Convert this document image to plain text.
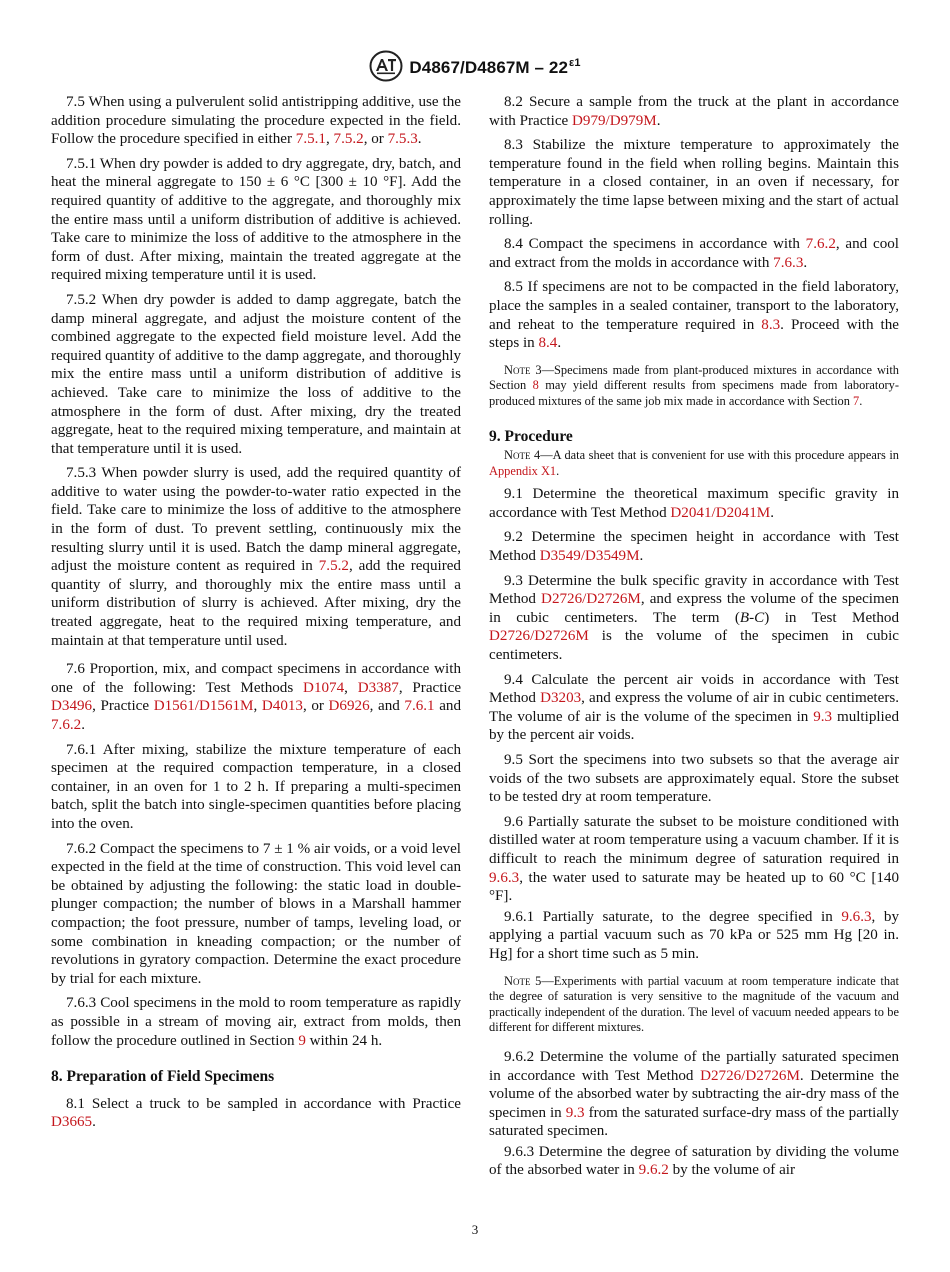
$D4867/D4867M - 22^{\varepsilon 1}$

7.5 When using a pulverulent solid antistripping additive, use the addition procedure simulating the procedure expected in the field. Follow the procedure specified in either 7.5.1, 7.5.2, or 7.5.3.

7.5.1 When dry powder is added to dry aggregate, dry, batch, and heat the mineral aggregate to 150 ± 6 °C [300 ± 10 °F]. Add the required quantity of additive to the aggregate, and thoroughly mix the entire mass until a uniform distribution of additive is achieved. Take care to minimize the loss of additive to the atmosphere in the form of dust. After mixing, maintain the treated aggregate at the required mixing temperature until it is used.

7.5.2 When dry powder is added to damp aggregate, batch the damp mineral aggregate, and adjust the moisture content of the combined aggregate to the expected field moisture level. Add the required quantity of additive to the damp aggregate, and thoroughly mix the entire mass until a uniform distribution of additive is achieved. Take care to minimize the loss of additive to the atmosphere in the form of dust. After mixing, dry the treated aggregate, heat to the required mixing temperature, and maintain at that temperature until it is used.

7.5.3 When powder slurry is used, add the required quantity of additive to water using the powder-to-water ratio expected in the field. Take care to minimize the loss of additive to the atmosphere in the form of dust. To prevent settling, continuously mix the resulting slurry until it is used. Batch the damp mineral aggregate, adjust the moisture content as required in 7.5.2, add the required quantity of slurry, and thoroughly mix the entire mass until a uniform distribution of slurry is achieved. After mixing, dry the treated aggregate, heat to the required mixing temperature, and maintain at that temperature until used.

7.6 Proportion, mix, and compact specimens in accordance with one of the following: Test Methods D1074, D3387, Practice D3496, Practice D1561/D1561M, D4013, or D6926, and 7.6.1 and 7.6.2.

7.6.1 After mixing, stabilize the mixture temperature of each specimen at the required compaction temperature, in a closed container, in an oven for 1 to 2 h. If preparing a multi-specimen batch, split the batch into single-specimen quantities before placing into the oven.

7.6.2 Compact the specimens to 7 ± 1 % air voids, or a void level expected in the field at the time of construction. This void level can be obtained by adjusting the following: the static load in double-plunger compaction; the number of blows in a Marshall hammer compaction; the foot pressure, number of tamps, leveling load, or some combination in kneading compaction; or the number of revolutions in gyratory compaction. Determine the exact procedure by trial for each mixture.

7.6.3 Cool specimens in the mold to room temperature as rapidly as possible in a stream of moving air, extract from molds, then follow the procedure outlined in Section 9 within 24 h.

8. Preparation of Field Specimens

8.1 Select a truck to be sampled in accordance with Practice D3665.

8.2 Secure a sample from the truck at the plant in accordance with Practice D979/D979M.

8.3 Stabilize the mixture temperature to approximately the temperature found in the field when rolling begins. Maintain this temperature in a closed container, in an oven if necessary, for approximately the time lapse between mixing and the start of actual rolling.

8.4 Compact the specimens in accordance with 7.6.2, and cool and extract from the molds in accordance with 7.6.3.

8.5 If specimens are not to be compacted in the field laboratory, place the samples in a sealed container, transport to the laboratory, and reheat to the temperature required in 8.3. Proceed with the steps in 8.4.

Note 3—Specimens made from plant-produced mixtures in accordance with Section 8 may yield different results from specimens made from laboratory-produced mixtures of the same job mix made in accordance with Section 7.

9. Procedure

Note 4—A data sheet that is convenient for use with this procedure appears in Appendix X1.

9.1 Determine the theoretical maximum specific gravity in accordance with Test Method D2041/D2041M.

9.2 Determine the specimen height in accordance with Test Method D3549/D3549M.

9.3 Determine the bulk specific gravity in accordance with Test Method D2726/D2726M, and express the volume of the specimen in cubic centimeters. The term (B-C) in Test Method D2726/D2726M is the volume of the specimen in cubic centimeters.

9.4 Calculate the percent air voids in accordance with Test Method D3203, and express the volume of air in cubic centimeters. The volume of air is the volume of the specimen in 9.3 multiplied by the percent air voids.

9.5 Sort the specimens into two subsets so that the average air voids of the two subsets are approximately equal. Store the subset to be tested dry at room temperature.

9.6 Partially saturate the subset to be moisture conditioned with distilled water at room temperature using a vacuum chamber. If it is difficult to reach the minimum degree of saturation required in 9.6.3, the water used to saturate may be heated up to 60 °C [140 °F].

9.6.1 Partially saturate, to the degree specified in 9.6.3, by applying a partial vacuum such as 70 kPa or 525 mm Hg [20 in. Hg] for a short time such as 5 min.

Note 5—Experiments with partial vacuum at room temperature indicate that the degree of saturation is very sensitive to the magnitude of the vacuum and practically independent of the duration. The level of vacuum needed appears to be different for different mixtures.

9.6.2 Determine the volume of the partially saturated specimen in accordance with Test Method D2726/D2726M. Determine the volume of the absorbed water by subtracting the air-dry mass of the specimen in 9.3 from the saturated surface-dry mass of the partially saturated specimen.

9.6.3 Determine the degree of saturation by dividing the volume of the absorbed water in 9.6.2 by the volume of air

3
